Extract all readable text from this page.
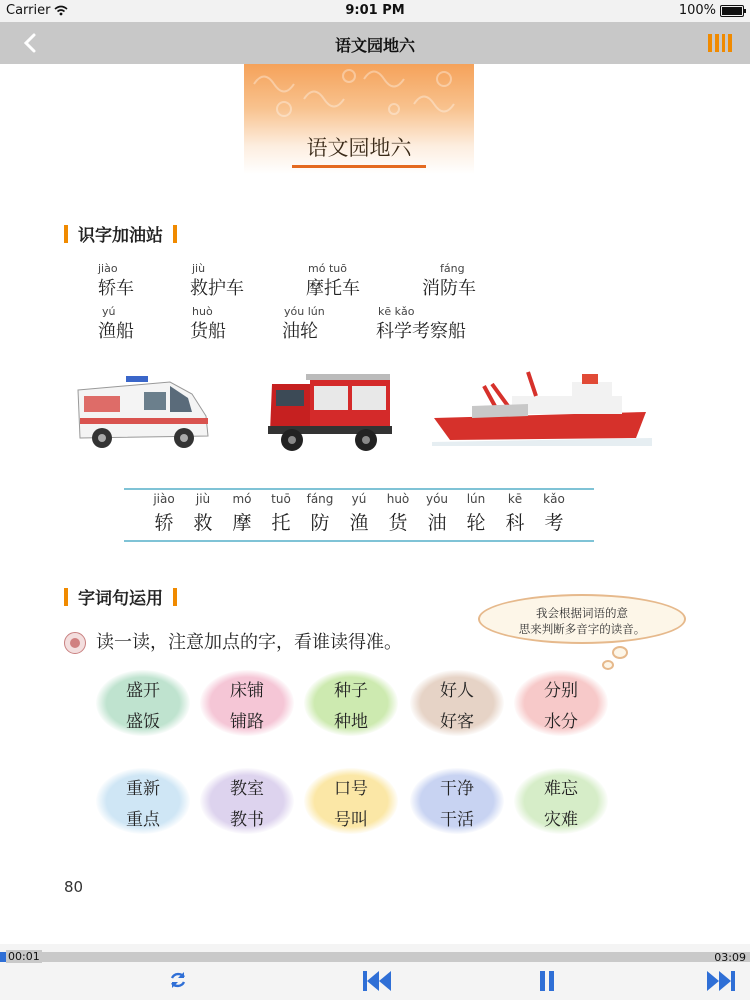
Carrier	9:01 PM	100%
语文园地六
语文园地六
识字加油站
jiào
轿车
jiù
救护车
mó tuō
摩托车
fáng
消防车
yú
渔船
huò
货船
yóu lún
油轮
kē kǎo
科学考察船
jiào
轿
jiù
救
mó
摩
tuō
托
fáng
防
yú
渔
huò
货
yóu
油
lún
轮
kē
科
kǎo
考
字词句运用
读一读，注意加点的字，看谁读得准。
我会根据词语的意
思来判断多音字的读音。
盛开
盛饭
床铺
铺路
种子
种地
好人
好客
分别
水分
重新
重点
教室
教书
口号
号叫
干净
干活
难忘
灾难
80
00:01	03:09
